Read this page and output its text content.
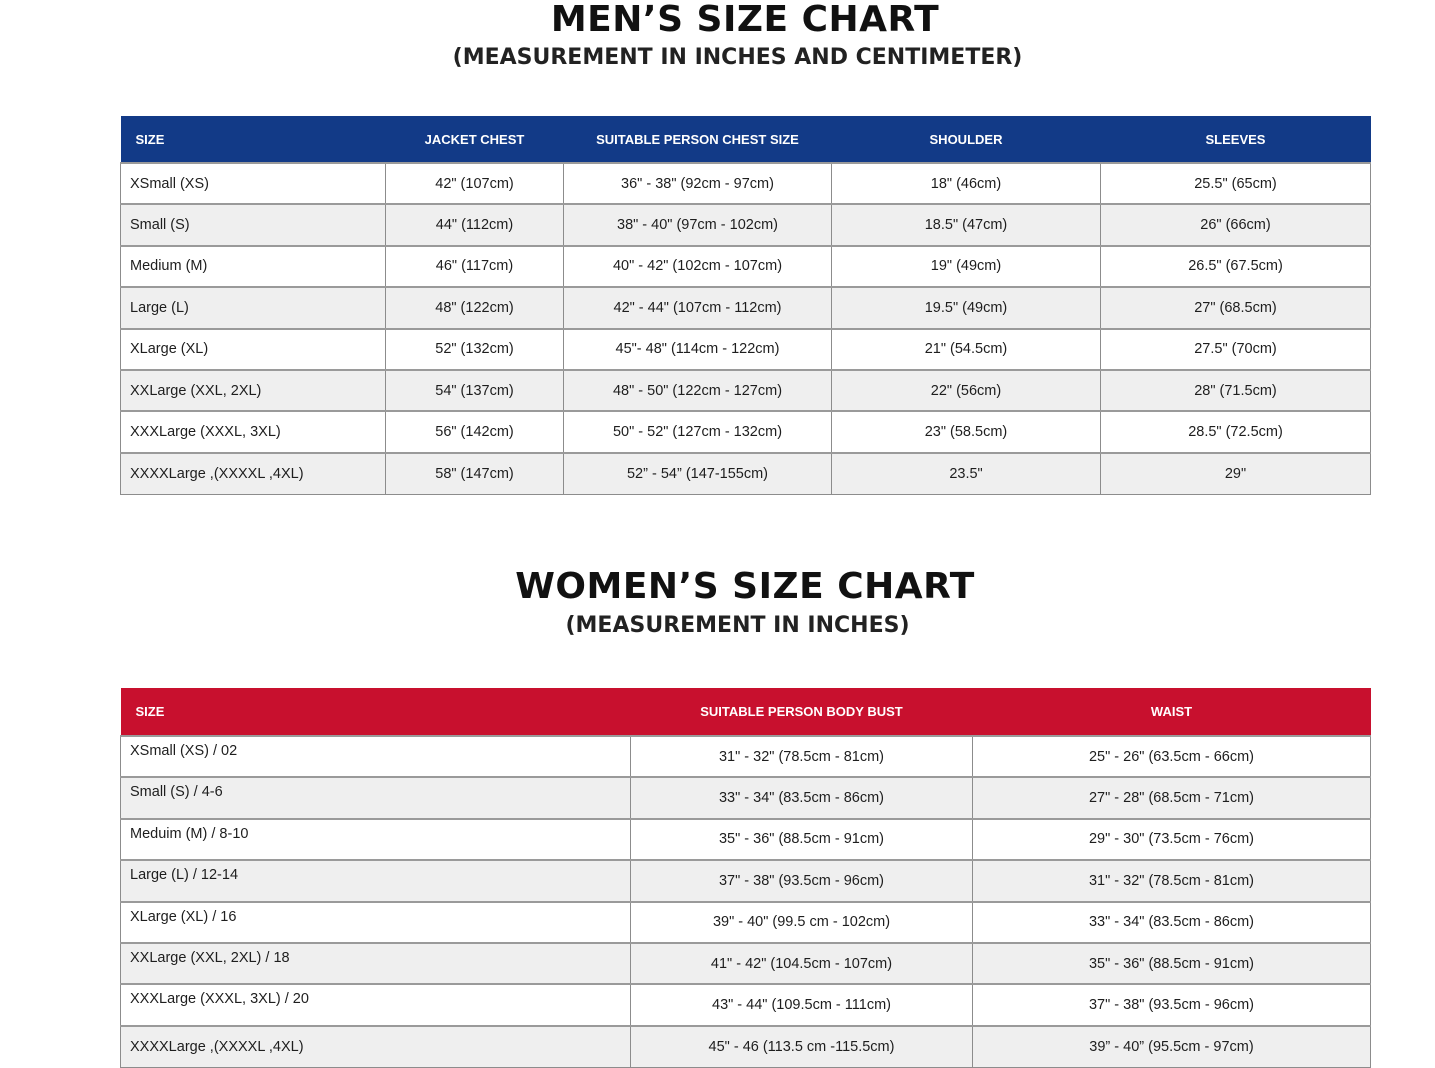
MEN’S SIZE CHART
(MEASUREMENT IN INCHES AND CENTIMETER)
SIZE	JACKET CHEST	SUITABLE PERSON CHEST SIZE	SHOULDER	SLEEVES
XSmall (XS)	42" (107cm)	36" - 38" (92cm - 97cm)	18" (46cm)	25.5" (65cm)
Small (S)	44" (112cm)	38" - 40" (97cm - 102cm)	18.5" (47cm)	26" (66cm)
Medium (M)	46" (117cm)	40" - 42" (102cm - 107cm)	19" (49cm)	26.5" (67.5cm)
Large (L)	48" (122cm)	42" - 44" (107cm - 112cm)	19.5" (49cm)	27" (68.5cm)
XLarge (XL)	52" (132cm)	45"- 48" (114cm - 122cm)	21" (54.5cm)	27.5" (70cm)
XXLarge (XXL, 2XL)	54" (137cm)	48" - 50" (122cm - 127cm)	22" (56cm)	28" (71.5cm)
XXXLarge (XXXL, 3XL)	56" (142cm)	50" - 52" (127cm - 132cm)	23" (58.5cm)	28.5" (72.5cm)
XXXXLarge ,(XXXXL ,4XL)	58" (147cm)	52” - 54” (147-155cm)	23.5"	29"
WOMEN’S SIZE CHART
(MEASUREMENT IN INCHES)
SIZE	SUITABLE PERSON BODY BUST	WAIST
XSmall (XS) / 02	31" - 32" (78.5cm - 81cm)	25" - 26" (63.5cm - 66cm)
Small (S) / 4-6	33" - 34" (83.5cm - 86cm)	27" - 28" (68.5cm - 71cm)
Meduim (M) / 8-10	35" - 36" (88.5cm - 91cm)	29" - 30" (73.5cm - 76cm)
Large (L) / 12-14	37" - 38" (93.5cm - 96cm)	31" - 32" (78.5cm - 81cm)
XLarge (XL) / 16	39" - 40" (99.5 cm - 102cm)	33" - 34" (83.5cm - 86cm)
XXLarge (XXL, 2XL) / 18	41" - 42" (104.5cm - 107cm)	35" - 36" (88.5cm - 91cm)
XXXLarge (XXXL, 3XL) / 20	43" - 44" (109.5cm - 111cm)	37" - 38" (93.5cm - 96cm)
XXXXLarge ,(XXXXL ,4XL)	45" - 46 (113.5 cm -115.5cm)	39” - 40” (95.5cm - 97cm)
